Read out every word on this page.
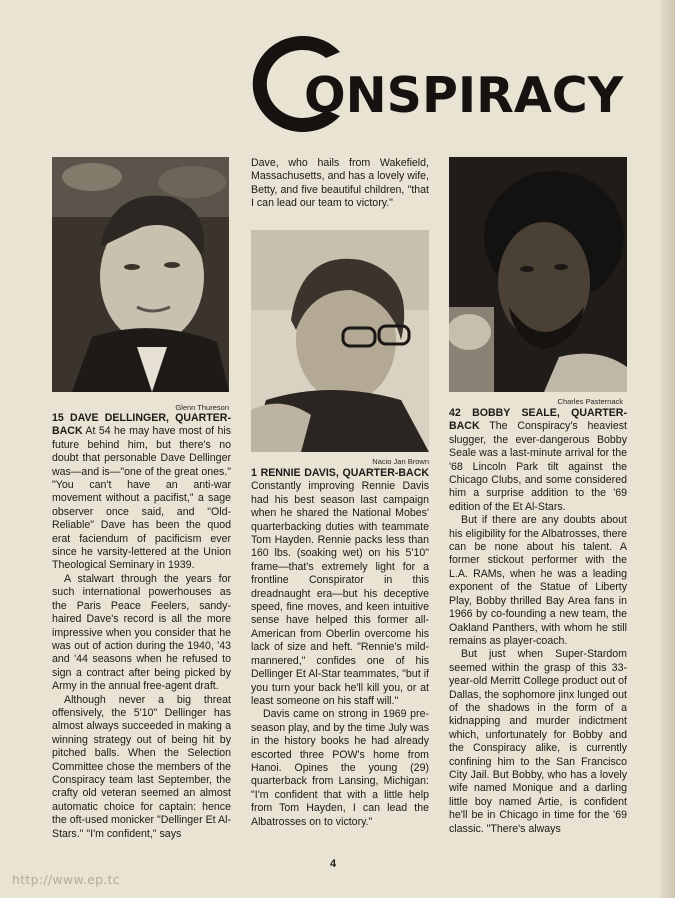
ONSPIRACY
Glenn Thureson

15 DAVE DELLINGER, QUARTER-BACK At 54 he may have most of his future behind him, but there's no doubt that personable Dave Dellinger was—and is—"one of the great ones." "You can't have an anti-war movement without a pacifist," a sage observer once said, and "Old-Reliable" Dave has been the quod erat faciendum of pacificism ever since he varsity-lettered at the Union Theological Seminary in 1939.

A stalwart through the years for such international powerhouses as the Paris Peace Feelers, sandy-haired Dave's record is all the more impressive when you consider that he was out of action during the 1940, '43 and '44 seasons when he refused to sign a contract after being picked by Army in the annual free-agent draft.

Although never a big threat offensively, the 5'10" Dellinger has almost always succeeded in making a winning strategy out of being hit by pitched balls. When the Selection Committee chose the members of the Conspiracy team last September, the crafty old veteran seemed an almost automatic choice for captain: hence the oft-used monicker "Dellinger Et Al-Stars." "I'm confident," says

Dave, who hails from Wakefield, Massachusetts, and has a lovely wife, Betty, and five beautiful children, "that I can lead our team to victory."

Nacio Jan Brown

1 RENNIE DAVIS, QUARTER-BACK Constantly improving Rennie Davis had his best season last campaign when he shared the National Mobes' quarterbacking duties with teammate Tom Hayden. Rennie packs less than 160 lbs. (soaking wet) on his 5'10" frame—that's extremely light for a frontline Conspirator in this dreadnaught era—but his deceptive speed, fine moves, and keen intuitive sense have helped this former all-American from Oberlin overcome his lack of size and heft. "Rennie's mild-mannered," confides one of his Dellinger Et Al-Star teammates, "but if you turn your back he'll kill you, or at least someone on his staff will."

Davis came on strong in 1969 pre-season play, and by the time July was in the history books he had already escorted three POW's home from Hanoi. Opines the young (29) quarterback from Lansing, Michigan: "I'm confident that with a little help from Tom Hayden, I can lead the Albatrosses on to victory."

Charles Pasternack

42 BOBBY SEALE, QUARTER-BACK The Conspiracy's heaviest slugger, the ever-dangerous Bobby Seale was a last-minute arrival for the '68 Lincoln Park tilt against the Chicago Clubs, and some considered him a surprise addition to the '69 edition of the Et Al-Stars.

But if there are any doubts about his eligibility for the Albatrosses, there can be none about his talent. A former stickout performer with the L.A. RAMs, when he was a leading exponent of the Statue of Liberty Play, Bobby thrilled Bay Area fans in 1966 by co-founding a new team, the Oakland Panthers, with whom he still remains as player-coach.

But just when Super-Stardom seemed within the grasp of this 33-year-old Merritt College product out of Dallas, the sophomore jinx lunged out of the shadows in the form of a kidnapping and murder indictment which, unfortunately for Bobby and the Conspiracy alike, is currently confining him to the San Francisco City Jail. But Bobby, who has a lovely wife named Monique and a darling little boy named Artie, is confident he'll be in Chicago in time for the '69 classic. "There's always

4
http://www.ep.tc
